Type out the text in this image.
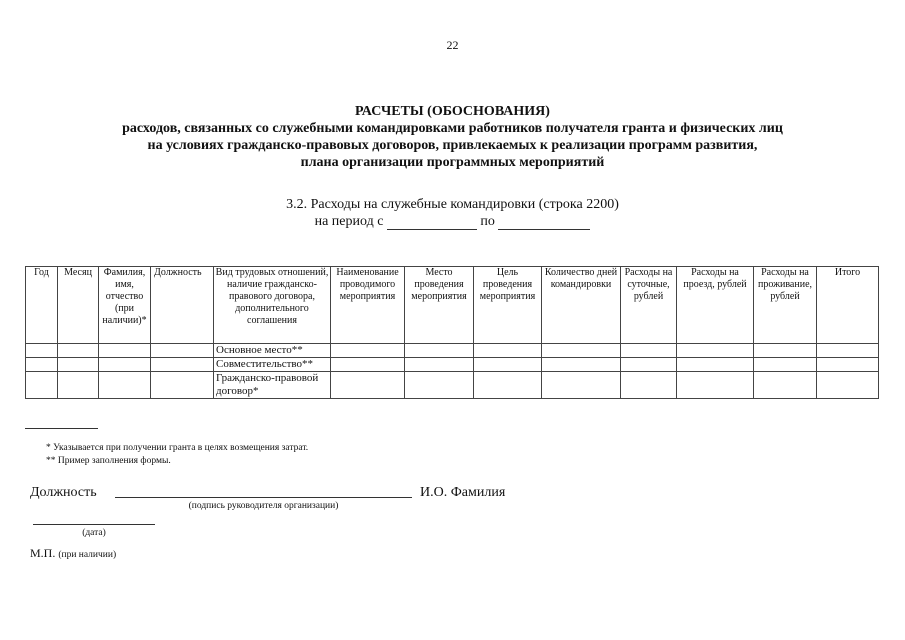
22
РАСЧЕТЫ (ОБОСНОВАНИЯ)
расходов, связанных со служебными командировками работников получателя гранта и физических лиц
на условиях гражданско-правовых договоров, привлекаемых к реализации программ развития,
плана организации программных мероприятий
3.2. Расходы на служебные командировки (строка 2200)
на период с	по
Год	Месяц	Фамилия, имя, отчество (при наличии)*	Должность	Вид трудовых отношений, наличие гражданско-правового договора, дополнительного соглашения	Наименование проводимого мероприятия	Место проведения мероприятия	Цель проведения мероприятия	Количество дней командировки	Расходы на суточные, рублей	Расходы на проезд, рублей	Расходы на проживание, рублей	Итого
				Основное место**								
				Совместительство**								
				Гражданско-правовой договор*								
* Указывается при получении гранта в целях возмещения затрат.
** Пример заполнения формы.
Должность	И.О. Фамилия
(подпись руководителя организации)
(дата)
М.П. (при наличии)
